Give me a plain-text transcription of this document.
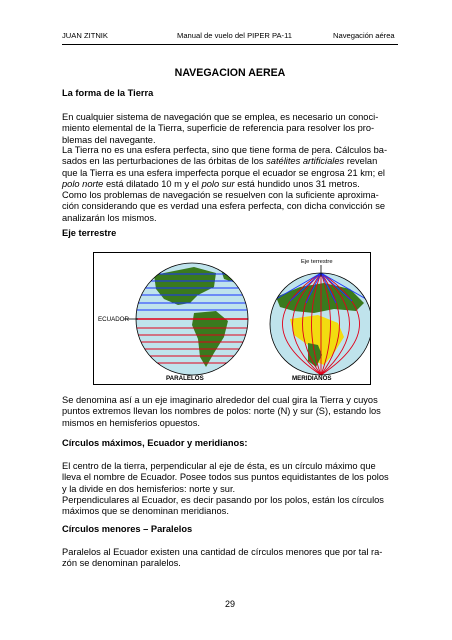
JUAN ZITNIK	Manual de vuelo del PIPER PA-11	Navegación aérea
NAVEGACION AEREA
La forma de la Tierra
En cualquier sistema de navegación que se emplea, es necesario un conoci-
miento elemental de la Tierra, superficie de referencia para resolver los pro-
blemas del navegante.
La Tierra no es una esfera perfecta, sino que tiene forma de pera. Cálculos ba-
sados en las perturbaciones de las órbitas de los satélites artificiales revelan
que la Tierra es una esfera imperfecta porque el ecuador se engrosa 21 km; el
polo norte está dilatado 10 m y el polo sur está hundido unos 31 metros.
Como los problemas de navegación se resuelven con la suficiente aproxima-
ción considerando que es verdad una esfera perfecta, con dicha convicción se
analizarán los mismos.
Eje terrestre
ECUADOR
Eje terrestre
PARALELOS	MERIDIANOS
Se denomina así a un eje imaginario alrededor del cual gira la Tierra y cuyos
puntos extremos llevan los nombres de polos: norte (N) y sur (S), estando los
mismos en hemisferios opuestos.
Círculos máximos, Ecuador y meridianos:
El centro de la tierra, perpendicular al eje de ésta, es un círculo máximo que
lleva el nombre de Ecuador. Posee todos sus puntos equidistantes de los polos
y la divide en dos hemisferios: norte y sur.
Perpendiculares al Ecuador, es decir pasando por los polos, están los círculos
máximos que se denominan meridianos.
Círculos menores – Paralelos
Paralelos al Ecuador existen una cantidad de círculos menores que por tal ra-
zón se denominan paralelos.
29
